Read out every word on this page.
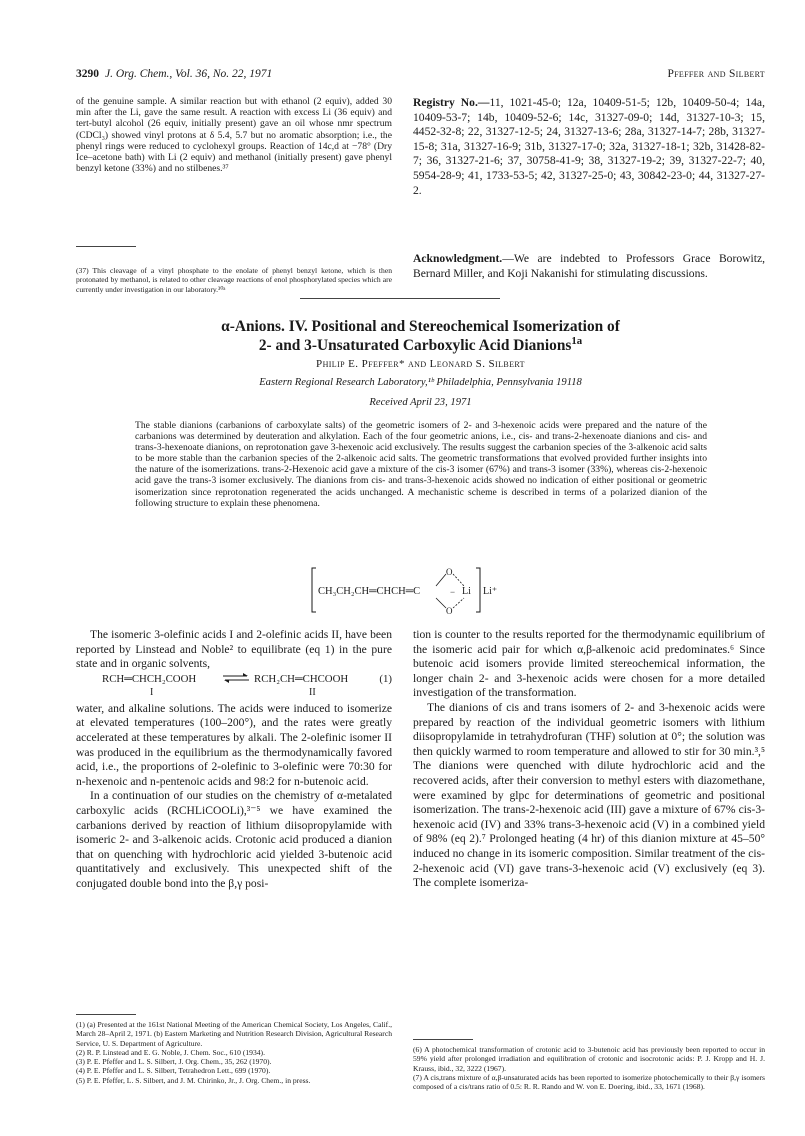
3290 J. Org. Chem., Vol. 36, No. 22, 1971	Pfeffer and Silbert
of the genuine sample. A similar reaction but with ethanol (2 equiv), added 30 min after the Li, gave the same result. A reaction with excess Li (36 equiv) and tert-butyl alcohol (26 equiv, initially present) gave an oil whose nmr spectrum (CDCl₃) showed vinyl protons at δ 5.4, 5.7 but no aromatic absorption; i.e., the phenyl rings were reduced to cyclohexyl groups. Reaction of 14c,d at −78° (Dry Ice–acetone bath) with Li (2 equiv) and methanol (initially present) gave phenyl benzyl ketone (33%) and no stilbenes.³⁷
(37) This cleavage of a vinyl phosphate to the enolate of phenyl benzyl ketone, which is then protonated by methanol, is related to other cleavage reactions of enol phosphorylated species which are currently under investigation in our laboratory.³⁰ᵃ
Registry No.—11, 1021-45-0; 12a, 10409-51-5; 12b, 10409-50-4; 14a, 10409-53-7; 14b, 10409-52-6; 14c, 31327-09-0; 14d, 31327-10-3; 15, 4452-32-8; 22, 31327-12-5; 24, 31327-13-6; 28a, 31327-14-7; 28b, 31327-15-8; 31a, 31327-16-9; 31b, 31327-17-0; 32a, 31327-18-1; 32b, 31428-82-7; 36, 31327-21-6; 37, 30758-41-9; 38, 31327-19-2; 39, 31327-22-7; 40, 5954-28-9; 41, 1733-53-5; 42, 31327-25-0; 43, 30842-23-0; 44, 31327-27-2.
Acknowledgment.—We are indebted to Professors Grace Borowitz, Bernard Miller, and Koji Nakanishi for stimulating discussions.
α-Anions. IV. Positional and Stereochemical Isomerization of
2- and 3-Unsaturated Carboxylic Acid Dianions$^{1a}$
Philip E. Pfeffer* and Leonard S. Silbert
Eastern Regional Research Laboratory,¹ᵇ Philadelphia, Pennsylvania 19118
Received April 23, 1971
The stable dianions (carbanions of carboxylate salts) of the geometric isomers of 2- and 3-hexenoic acids were prepared and the nature of the carbanions was determined by deuteration and alkylation. Each of the four geometric anions, i.e., cis- and trans-2-hexenoate dianions and cis- and trans-3-hexenoate dianions, on reprotonation gave 3-hexenoic acid exclusively. The results suggest the carbanion species of the 3-alkenoic acid salts to be more stable than the carbanion species of the 2-alkenoic acid salts. The geometric transformations that evolved provided further insights into the nature of the isomerizations. trans-2-Hexenoic acid gave a mixture of the cis-3 isomer (67%) and trans-3 isomer (33%), whereas cis-2-hexenoic acid gave the trans-3 isomer exclusively. The dianions from cis- and trans-3-hexenoic acids showed no indication of either positional or geometric isomerization since reprotonation regenerated the acids unchanged. A mechanistic scheme is described in terms of a polarized dianion of the following structure to explain these phenomena.
CH₃CH₂CH═CHCH═C
O
O
− Li Li⁺

The isomeric 3-olefinic acids I and 2-olefinic acids II, have been reported by Linstead and Noble² to equilibrate (eq 1) in the pure state and in organic solvents,

RCH═CHCH₂COOH ⇌ RCH₂CH═CHCOOH	(1)
I	II

water, and alkaline solutions. The acids were induced to isomerize at elevated temperatures (100–200°), and the rates were greatly accelerated at these temperatures by alkali. The 2-olefinic isomer II was produced in the equilibrium as the thermodynamically favored acid, i.e., the proportions of 2-olefinic to 3-olefinic were 70:30 for n-hexenoic and n-pentenoic acids and 98:2 for n-butenoic acid.

In a continuation of our studies on the chemistry of α-metalated carboxylic acids (RCHLiCOOLi),³⁻⁵ we have examined the carbanions derived by reaction of lithium diisopropylamide with isomeric 2- and 3-alkenoic acids. Crotonic acid produced a dianion that on quenching with hydrochloric acid yielded 3-butenoic acid quantitatively and exclusively. This unexpected shift of the conjugated double bond into the β,γ posi-

tion is counter to the results reported for the thermodynamic equilibrium of the isomeric acid pair for which α,β-alkenoic acid predominates.⁶ Since butenoic acid isomers provide limited stereochemical information, the longer chain 2- and 3-hexenoic acids were chosen for a more detailed investigation of the transformation.

The dianions of cis and trans isomers of 2- and 3-hexenoic acids were prepared by reaction of the individual geometric isomers with lithium diisopropylamide in tetrahydrofuran (THF) solution at 0°; the solution was then quickly warmed to room temperature and allowed to stir for 30 min.³,⁵ The dianions were quenched with dilute hydrochloric acid and the recovered acids, after their conversion to methyl esters with diazomethane, were examined by glpc for determinations of geometric and positional isomerization. The trans-2-hexenoic acid (III) gave a mixture of 67% cis-3-hexenoic acid (IV) and 33% trans-3-hexenoic acid (V) in a combined yield of 98% (eq 2).⁷ Prolonged heating (4 hr) of this dianion mixture at 45–50° induced no change in its isomeric composition. Similar treatment of the cis-2-hexenoic acid (VI) gave trans-3-hexenoic acid (V) exclusively (eq 3). The complete isomeriza-

(1) (a) Presented at the 161st National Meeting of the American Chemical Society, Los Angeles, Calif., March 28–April 2, 1971. (b) Eastern Marketing and Nutrition Research Division, Agricultural Research Service, U. S. Department of Agriculture.

(2) R. P. Linstead and E. G. Noble, J. Chem. Soc., 610 (1934).

(3) P. E. Pfeffer and L. S. Silbert, J. Org. Chem., 35, 262 (1970).

(4) P. E. Pfeffer and L. S. Silbert, Tetrahedron Lett., 699 (1970).

(5) P. E. Pfeffer, L. S. Silbert, and J. M. Chirinko, Jr., J. Org. Chem., in press.

(6) A photochemical transformation of crotonic acid to 3-butenoic acid has previously been reported to occur in 59% yield after prolonged irradiation and equilibration of crotonic and isocrotonic acids: P. J. Kropp and H. J. Krauss, ibid., 32, 3222 (1967).

(7) A cis,trans mixture of α,β-unsaturated acids has been reported to isomerize photochemically to their β,γ isomers composed of a cis/trans ratio of 0.5: R. R. Rando and W. von E. Doering, ibid., 33, 1671 (1968).
